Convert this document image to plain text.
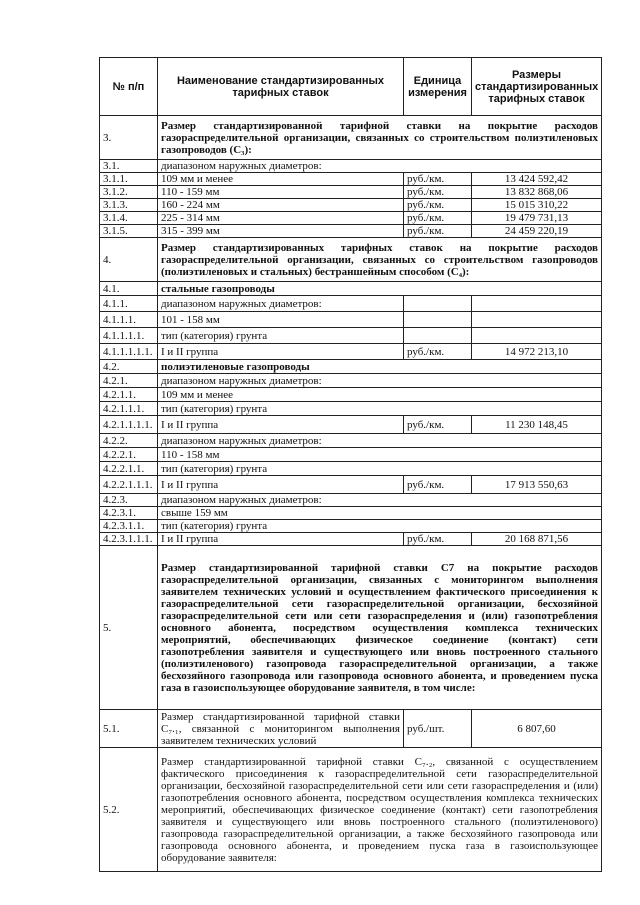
№ п/п	Наименование стандартизированных тарифных ставок	Единица измерения	Размеры стандартизированных тарифных ставок
3.	Размер стандартизированной тарифной ставки на покрытие расходов газораспределительной организации, связанных со строительством полиэтиленовых газопроводов (С₃):		
3.1.	диапазоном наружных диаметров:		
3.1.1.	109 мм и менее	руб./км.	13 424 592,42
3.1.2.	110 - 159 мм	руб./км.	13 832 868,06
3.1.3.	160 - 224 мм	руб./км.	15 015 310,22
3.1.4.	225 - 314 мм	руб./км.	19 479 731,13
3.1.5.	315 - 399 мм	руб./км.	24 459 220,19
4.	Размер стандартизированных тарифных ставок на покрытие расходов газораспределительной организации, связанных со строительством газопроводов (полиэтиленовых и стальных) бестраншейным способом (С₄):		
4.1.	стальные газопроводы		
4.1.1.	диапазоном наружных диаметров:		
4.1.1.1.	101 - 158 мм		
4.1.1.1.1.	тип (категория) грунта		
4.1.1.1.1.1.	I и II группа	руб./км.	14 972 213,10
4.2.	полиэтиленовые газопроводы		
4.2.1.	диапазоном наружных диаметров:		
4.2.1.1.	109 мм и менее		
4.2.1.1.1.	тип (категория) грунта		
4.2.1.1.1.1.	I и II группа	руб./км.	11 230 148,45
4.2.2.	диапазоном наружных диаметров:		
4.2.2.1.	110 - 158 мм		
4.2.2.1.1.	тип (категория) грунта		
4.2.2.1.1.1.	I и II группа	руб./км.	17 913 550,63
4.2.3.	диапазоном наружных диаметров:		
4.2.3.1.	свыше 159 мм		
4.2.3.1.1.	тип (категория) грунта		
4.2.3.1.1.1.	I и II группа	руб./км.	20 168 871,56
5.	Размер стандартизированной тарифной ставки С7 на покрытие расходов газораспределительной организации, связанных с мониторингом выполнения заявителем технических условий и осуществлением фактического присоединения к газораспределительной сети газораспределительной организации, бесхозяйной газораспределительной сети или сети газораспределения и (или) газопотребления основного абонента, посредством осуществления комплекса технических мероприятий, обеспечивающих физическое соединение (контакт) сети газопотребления заявителя и существующего или вновь построенного стального (полиэтиленового) газопровода газораспределительной организации, а также бесхозяйного газопровода или газопровода основного абонента, и проведением пуска газа в газоиспользующее оборудование заявителя, в том числе:		
5.1.	Размер стандартизированной тарифной ставки С₇.₁, связанной с мониторингом выполнения заявителем технических условий	руб./шт.	6 807,60
5.2.	Размер стандартизированной тарифной ставки С₇.₂, связанной с осуществлением фактического присоединения к газораспределительной сети газораспределительной организации, бесхозяйной газораспределительной сети или сети газораспределения и (или) газопотребления основного абонента, посредством осуществления комплекса технических мероприятий, обеспечивающих физическое соединение (контакт) сети газопотребления заявителя и существующего или вновь построенного стального (полиэтиленового) газопровода газораспределительной организации, а также бесхозяйного газопровода или газопровода основного абонента, и проведением пуска газа в газоиспользующее оборудование заявителя:		
